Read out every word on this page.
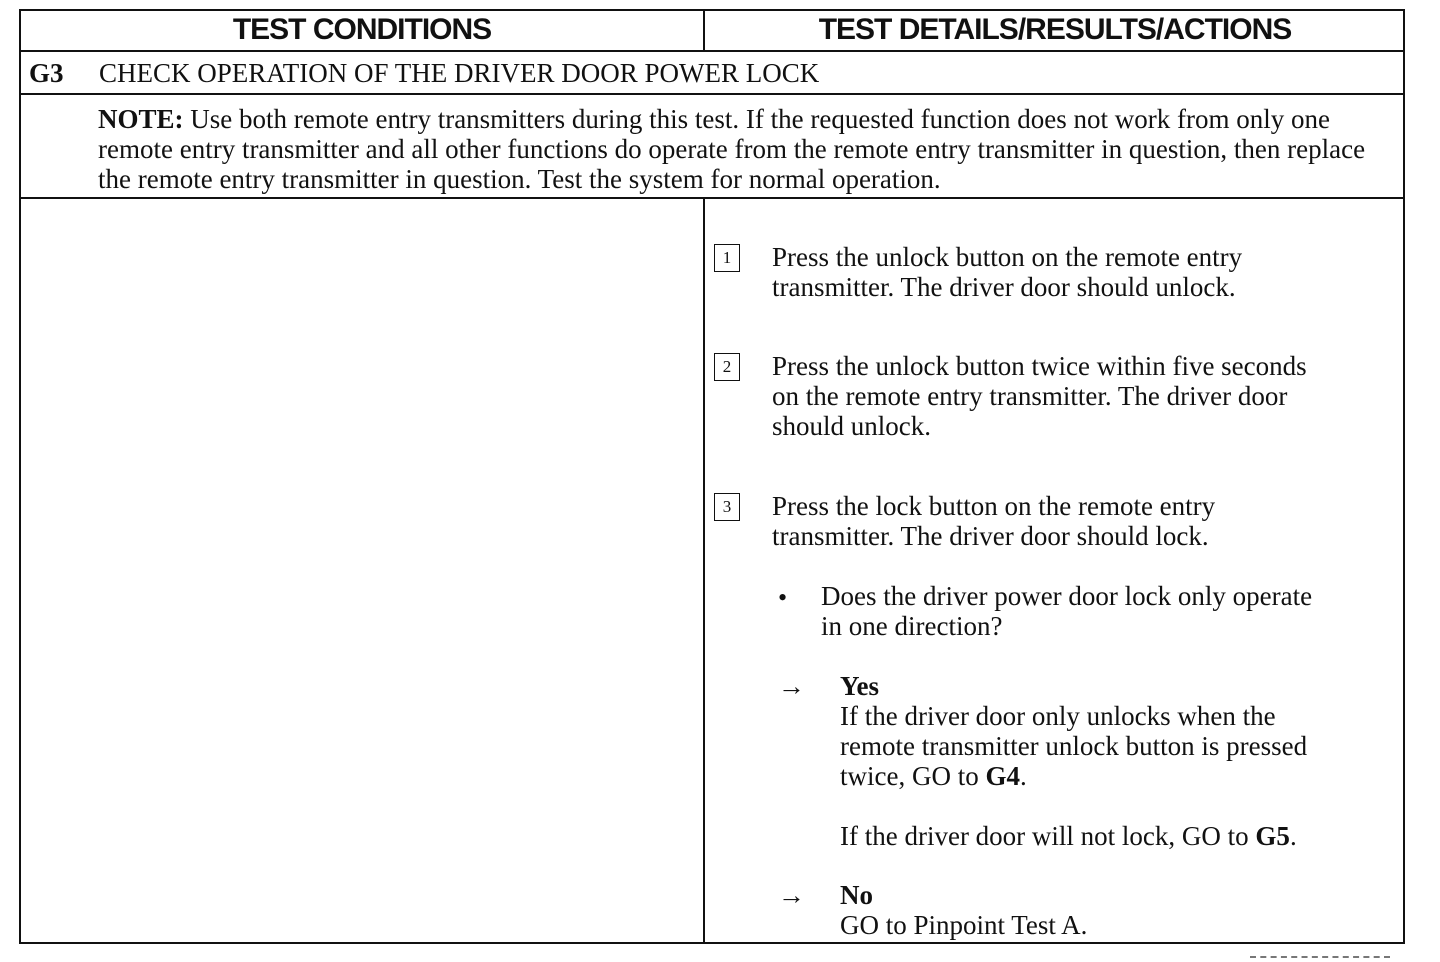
TEST CONDITIONS	TEST DETAILS/RESULTS/ACTIONS
G3 CHECK OPERATION OF THE DRIVER DOOR POWER LOCK
NOTE: Use both remote entry transmitters during this test. If the requested function does not work from only one remote entry transmitter and all other functions do operate from the remote entry transmitter in question, then replace the remote entry transmitter in question. Test the system for normal operation.
1	Press the unlock button on the remote entry
transmitter. The driver door should unlock.
2	Press the unlock button twice within five seconds
on the remote entry transmitter. The driver door
should unlock.
3	Press the lock button on the remote entry
transmitter. The driver door should lock.
• Does the driver power door lock only operate
in one direction?
→ Yes
If the driver door only unlocks when the
remote transmitter unlock button is pressed
twice, GO to G4.
If the driver door will not lock, GO to G5.
→ No
GO to Pinpoint Test A.
